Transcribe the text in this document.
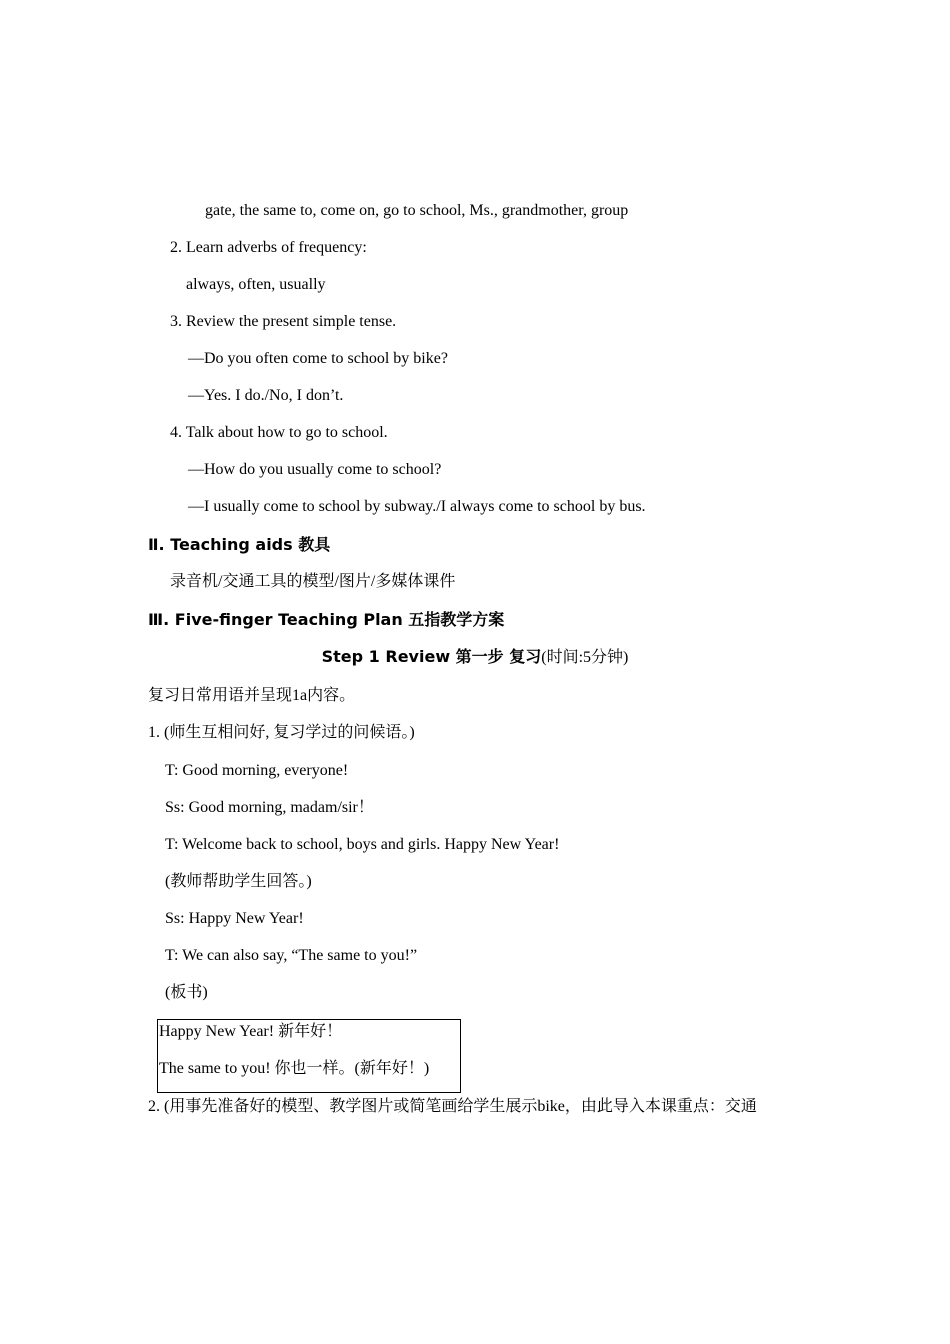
gate, the same to, come on, go to school, Ms., grandmother, group
2. Learn adverbs of frequency:
always, often, usually
3. Review the present simple tense.
—Do you often come to school by bike?
—Yes. I do./No, I don’t.
4. Talk about how to go to school.
—How do you usually come to school?
—I usually come to school by subway./I always come to school by bus.
Ⅱ. Teaching aids 教具
录音机/交通工具的模型/图片/多媒体课件
Ⅲ. Five-finger Teaching Plan 五指教学方案
Step 1 Review 第一步 复习(时间:5分钟)
复习日常用语并呈现1a内容。
1. (师生互相问好, 复习学过的问候语。)
T: Good morning, everyone!
Ss: Good morning, madam/sir！
T: Welcome back to school, boys and girls. Happy New Year!
(教师帮助学生回答。)
Ss: Happy New Year!
T: We can also say, “The same to you!”
(板书)
Happy New Year! 新年好！
The same to you! 你也一样。(新年好！)
2. (用事先准备好的模型、教学图片或简笔画给学生展示bike，由此导入本课重点：交通
